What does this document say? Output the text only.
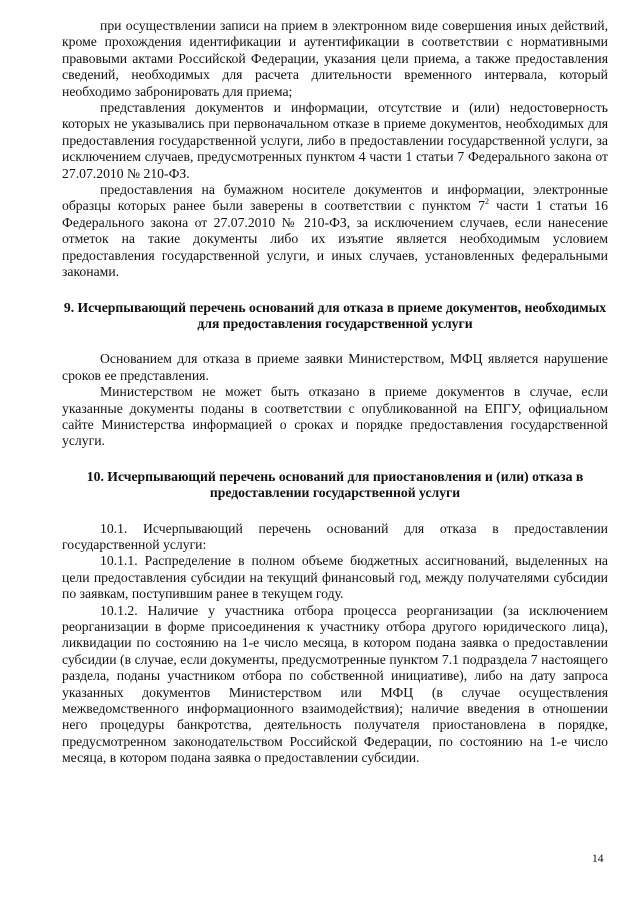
при осуществлении записи на прием в электронном виде совершения иных действий, кроме прохождения идентификации и аутентификации в соответствии с нормативными правовыми актами Российской Федерации, указания цели приема, а также предоставления сведений, необходимых для расчета длительности временного интервала, который необходимо забронировать для приема;

представления документов и информации, отсутствие и (или) недостоверность которых не указывались при первоначальном отказе в приеме документов, необходимых для предоставления государственной услуги, либо в предоставлении государственной услуги, за исключением случаев, предусмотренных пунктом 4 части 1 статьи 7 Федерального закона от 27.07.2010 № 210-ФЗ.

предоставления на бумажном носителе документов и информации, электронные образцы которых ранее были заверены в соответствии с пунктом $7^2$ части 1 статьи 16 Федерального закона от 27.07.2010 № 210-ФЗ, за исключением случаев, если нанесение отметок на такие документы либо их изъятие является необходимым условием предоставления государственной услуги, и иных случаев, установленных федеральными законами.

9. Исчерпывающий перечень оснований для отказа в приеме документов, необходимых для предоставления государственной услуги

Основанием для отказа в приеме заявки Министерством, МФЦ является нарушение сроков ее представления.

Министерством не может быть отказано в приеме документов в случае, если указанные документы поданы в соответствии с опубликованной на ЕПГУ, официальном сайте Министерства информацией о сроках и порядке предоставления государственной услуги.

10. Исчерпывающий перечень оснований для приостановления и (или) отказа в предоставлении государственной услуги

10.1. Исчерпывающий перечень оснований для отказа в предоставлении государственной услуги:

10.1.1. Распределение в полном объеме бюджетных ассигнований, выделенных на цели предоставления субсидии на текущий финансовый год, между получателями субсидии по заявкам, поступившим ранее в текущем году.

10.1.2. Наличие у участника отбора процесса реорганизации (за исключением реорганизации в форме присоединения к участнику отбора другого юридического лица), ликвидации по состоянию на 1-е число месяца, в котором подана заявка о предоставлении субсидии (в случае, если документы, предусмотренные пунктом 7.1 подраздела 7 настоящего раздела, поданы участником отбора по собственной инициативе), либо на дату запроса указанных документов Министерством или МФЦ (в случае осуществления межведомственного информационного взаимодействия); наличие введения в отношении него процедуры банкротства, деятельность получателя приостановлена в порядке, предусмотренном законодательством Российской Федерации, по состоянию на 1-е число месяца, в котором подана заявка о предоставлении субсидии.

14
